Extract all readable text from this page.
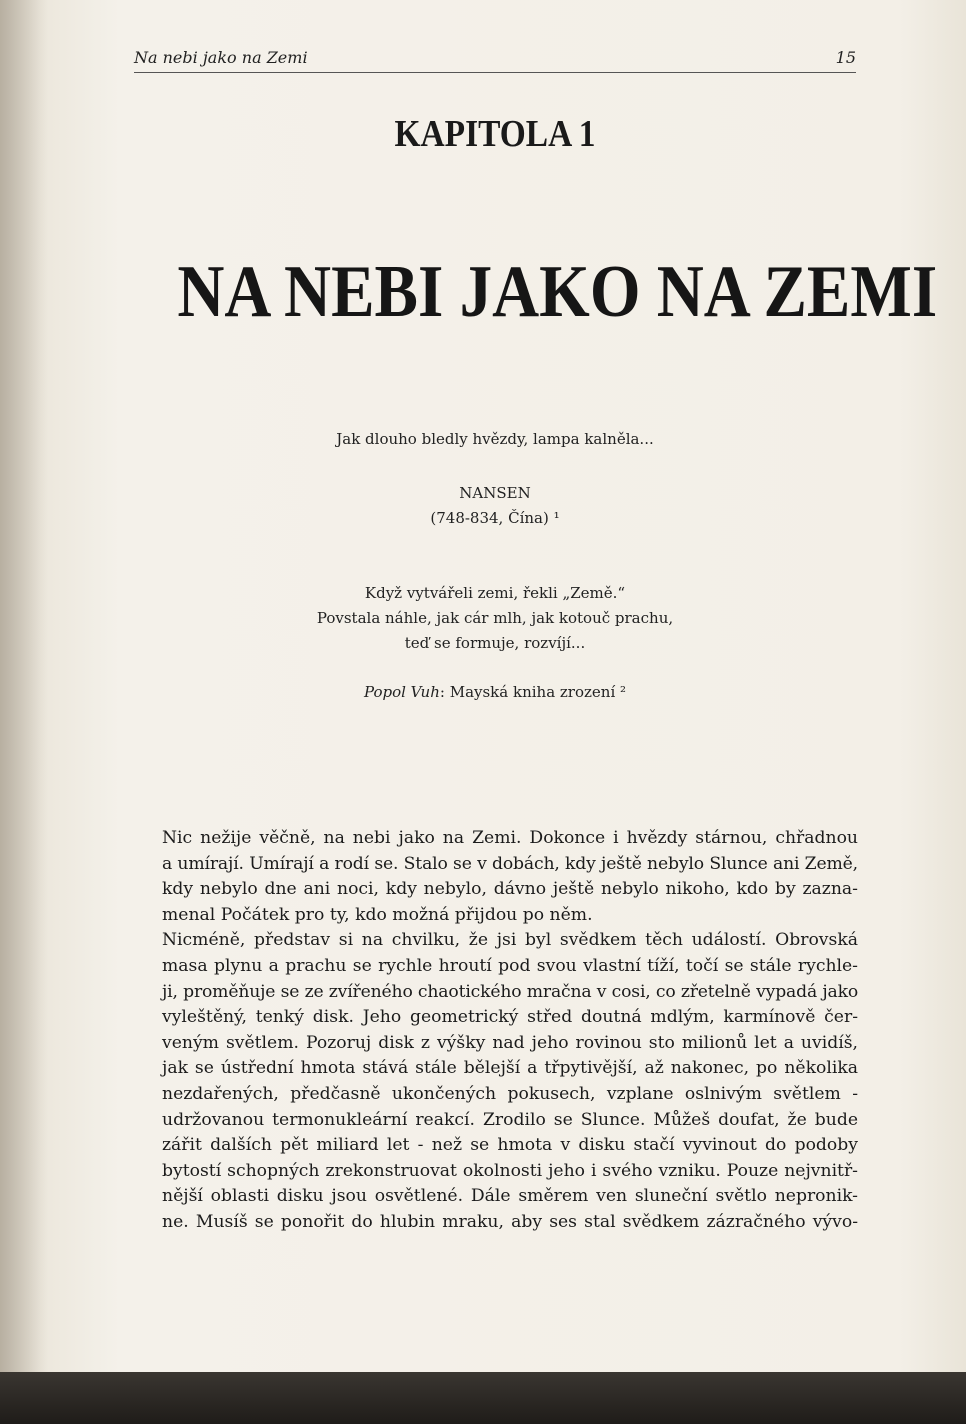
Na nebi jako na Zemi	15
KAPITOLA 1
NA NEBI JAKO NA ZEMI
Jak dlouho bledly hvězdy, lampa kalněla...
NANSEN
(748-834, Čína) ¹
Když vytvářeli zemi, řekli „Země.“
Povstala náhle, jak cár mlh, jak kotouč prachu,
teď se formuje, rozvíjí...
Popol Vuh: Mayská kniha zrození ²

Nic nežije věčně, na nebi jako na Zemi. Dokonce i hvězdy stárnou, chřadnou
a umírají. Umírají a rodí se. Stalo se v dobách, kdy ještě nebylo Slunce ani Země,
kdy nebylo dne ani noci, kdy nebylo, dávno ještě nebylo nikoho, kdo by zazna-
menal Počátek pro ty, kdo možná přijdou po něm.

Nicméně, představ si na chvilku, že jsi byl svědkem těch událostí. Obrovská
masa plynu a prachu se rychle hroutí pod svou vlastní tíží, točí se stále rychle-
ji, proměňuje se ze zvířeného chaotického mračna v cosi, co zřetelně vypadá jako
vyleštěný, tenký disk. Jeho geometrický střed doutná mdlým, karmínově čer-
veným světlem. Pozoruj disk z výšky nad jeho rovinou sto milionů let a uvidíš,
jak se ústřední hmota stává stále bělejší a třpytivější, až nakonec, po několika
nezdařených, předčasně ukončených pokusech, vzplane oslnivým světlem -
udržovanou termonukleární reakcí. Zrodilo se Slunce. Můžeš doufat, že bude
zářit dalších pět miliard let - než se hmota v disku stačí vyvinout do podoby
bytostí schopných zrekonstruovat okolnosti jeho i svého vzniku. Pouze nejvnitř-
nější oblasti disku jsou osvětlené. Dále směrem ven sluneční světlo nepronik-
ne. Musíš se ponořit do hlubin mraku, aby ses stal svědkem zázračného vývo-
